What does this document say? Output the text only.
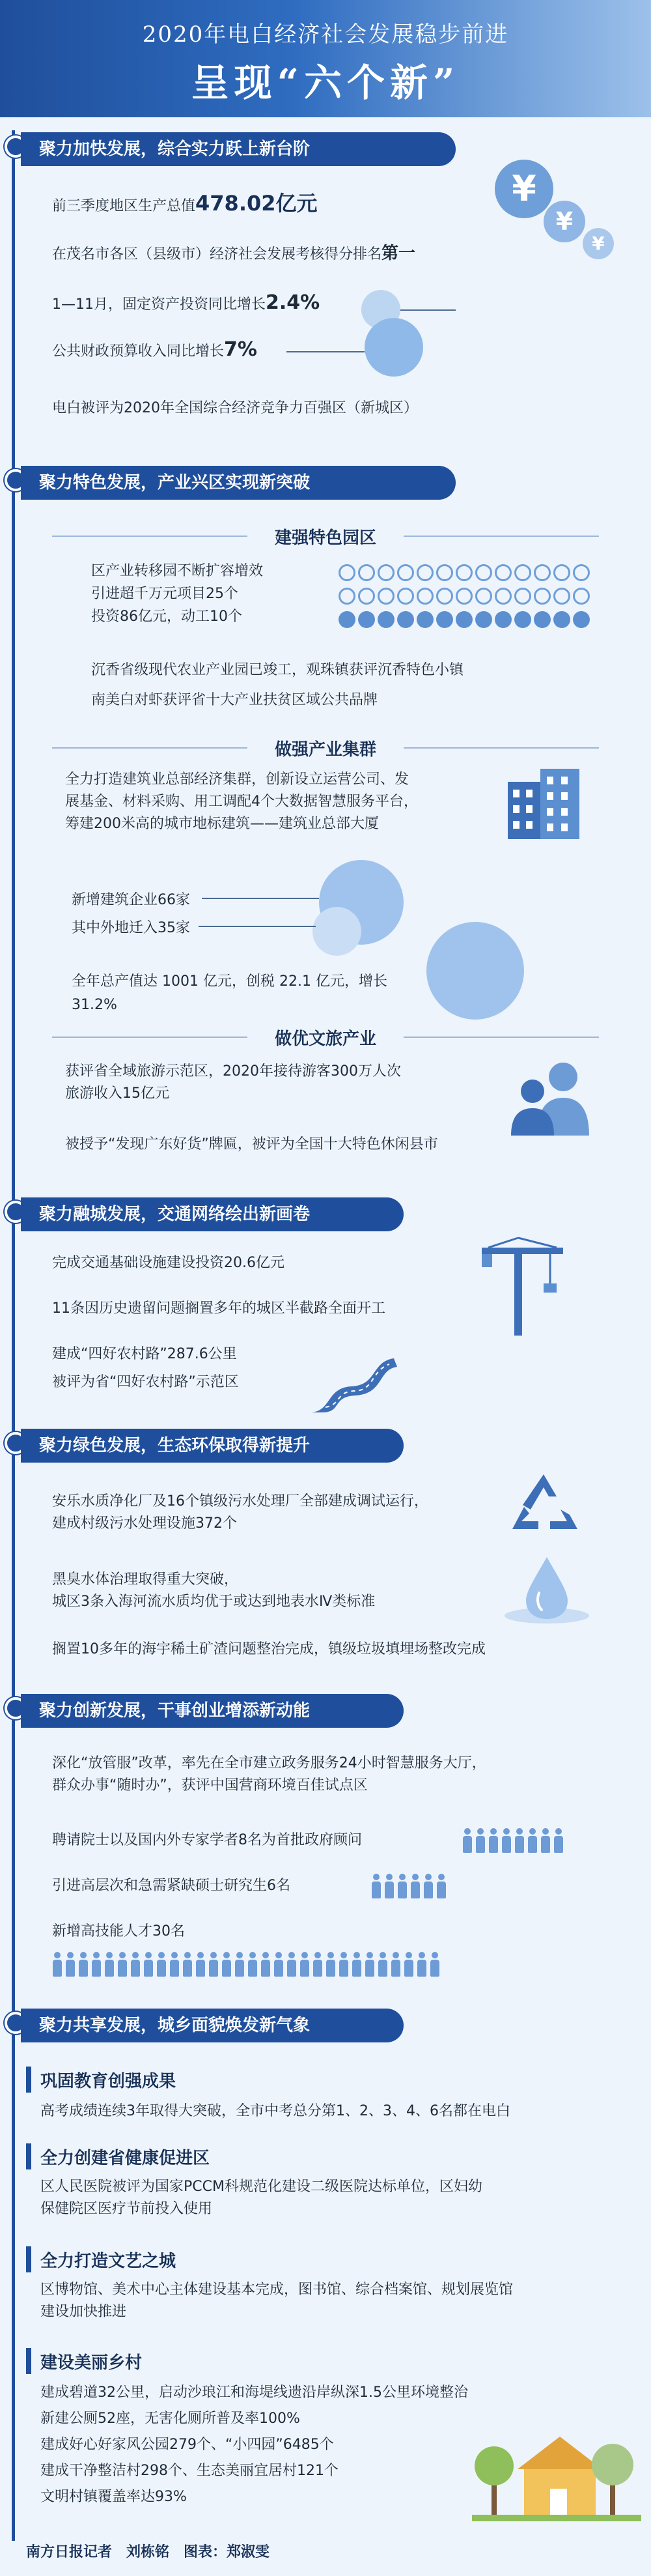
2020年电白经济社会发展稳步前进
呈现“六个新”
聚力加快发展，综合实力跃上新台阶
前三季度地区生产总值478.02亿元
在茂名市各区（县级市）经济社会发展考核得分排名第一
1—11月，固定资产投资同比增长2.4%
公共财政预算收入同比增长7%
电白被评为2020年全国综合经济竞争力百强区（新城区）
¥
¥
¥
聚力特色发展，产业兴区实现新突破
建强特色园区
区产业转移园不断扩容增效
引进超千万元项目25个
投资86亿元，动工10个
沉香省级现代农业产业园已竣工，观珠镇获评沉香特色小镇
南美白对虾获评省十大产业扶贫区域公共品牌
做强产业集群
全力打造建筑业总部经济集群，创新设立运营公司、发
展基金、材料采购、用工调配4个大数据智慧服务平台，
筹建200米高的城市地标建筑——建筑业总部大厦
新增建筑企业66家
其中外地迁入35家
全年总产值达 1001 亿元，创税 22.1 亿元，增长
31.2%
做优文旅产业
获评省全域旅游示范区，2020年接待游客300万人次
旅游收入15亿元
被授予“发现广东好货”牌匾，被评为全国十大特色休闲县市
聚力融城发展，交通网络绘出新画卷
完成交通基础设施建设投资20.6亿元
11条因历史遗留问题搁置多年的城区半截路全面开工
建成“四好农村路”287.6公里
被评为省“四好农村路”示范区
聚力绿色发展，生态环保取得新提升
安乐水质净化厂及16个镇级污水处理厂全部建成调试运行，
建成村级污水处理设施372个
黑臭水体治理取得重大突破，
城区3条入海河流水质均优于或达到地表水Ⅳ类标准
搁置10多年的海宇稀土矿渣问题整治完成，镇级垃圾填埋场整改完成
聚力创新发展，干事创业增添新动能
深化“放管服”改革，率先在全市建立政务服务24小时智慧服务大厅，
群众办事“随时办”，获评中国营商环境百佳试点区
聘请院士以及国内外专家学者8名为首批政府顾问
引进高层次和急需紧缺硕士研究生6名
新增高技能人才30名
聚力共享发展，城乡面貌焕发新气象
巩固教育创强成果
高考成绩连续3年取得大突破，全市中考总分第1、2、3、4、6名都在电白
全力创建省健康促进区
区人民医院被评为国家PCCM科规范化建设二级医院达标单位，区妇幼
保健院区医疗节前投入使用
全力打造文艺之城
区博物馆、美术中心主体建设基本完成，图书馆、综合档案馆、规划展览馆
建设加快推进
建设美丽乡村
建成碧道32公里，启动沙琅江和海堤线遗沿岸纵深1.5公里环境整治
新建公厕52座，无害化厕所普及率100%
建成好心好家风公园279个、“小四园”6485个
建成干净整洁村298个、生态美丽宜居村121个
文明村镇覆盖率达93%
南方日报记者　刘栋铭　图表：郑淑雯
